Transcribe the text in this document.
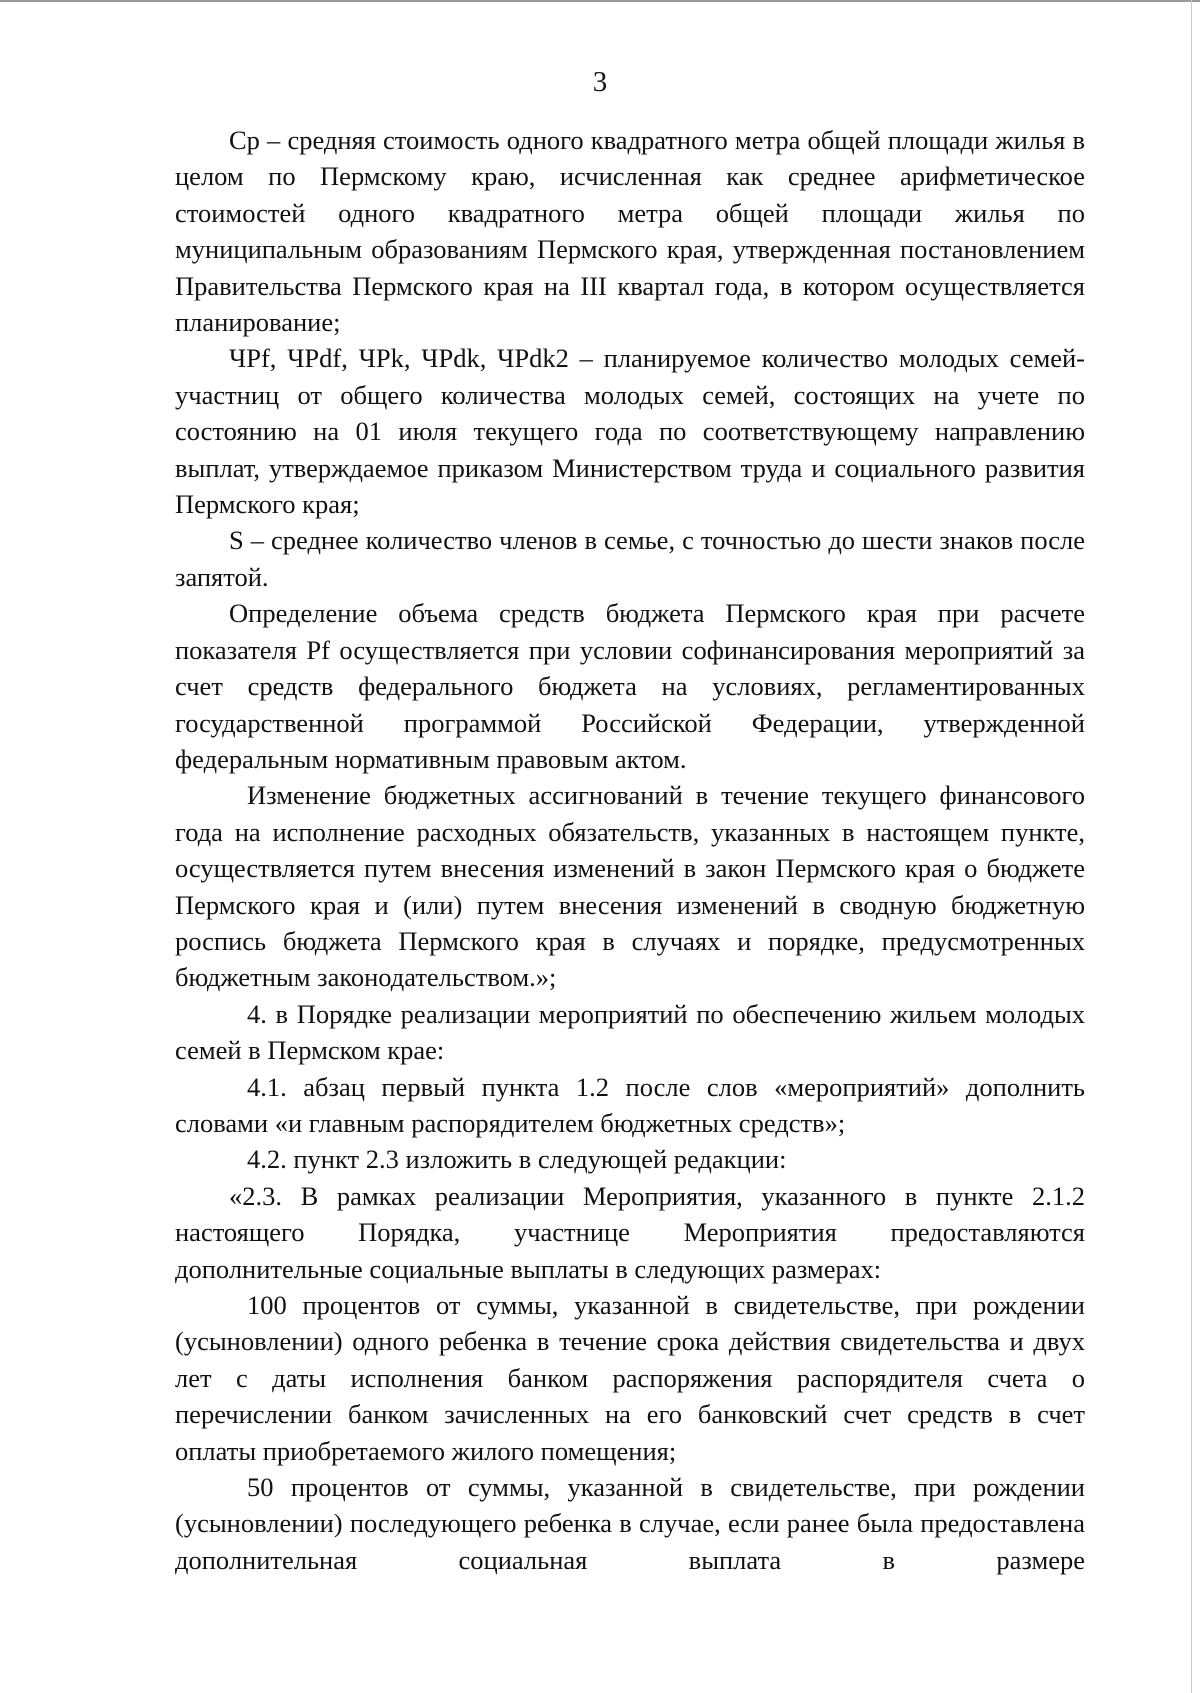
3

Ср – средняя стоимость одного квадратного метра общей площади жилья в целом по Пермскому краю, исчисленная как среднее арифметическое стоимостей одного квадратного метра общей площади жилья по муниципальным образованиям Пермского края, утвержденная постановлением Правительства Пермского края на III квартал года, в котором осуществляется планирование;

ЧPf, ЧPdf, ЧPk, ЧPdk, ЧPdk2 – планируемое количество молодых семей-участниц от общего количества молодых семей, состоящих на учете по состоянию на 01 июля текущего года по соответствующему направлению выплат, утверждаемое приказом Министерством труда и социального развития Пермского края;

S – среднее количество членов в семье, с точностью до шести знаков после запятой.

Определение объема средств бюджета Пермского края при расчете показателя Pf осуществляется при условии софинансирования мероприятий за счет средств федерального бюджета на условиях, регламентированных государственной программой Российской Федерации, утвержденной федеральным нормативным правовым актом.

Изменение бюджетных ассигнований в течение текущего финансового года на исполнение расходных обязательств, указанных в настоящем пункте, осуществляется путем внесения изменений в закон Пермского края о бюджете Пермского края и (или) путем внесения изменений в сводную бюджетную роспись бюджета Пермского края в случаях и порядке, предусмотренных бюджетным законодательством.»;

4. в Порядке реализации мероприятий по обеспечению жильем молодых семей в Пермском крае:

4.1. абзац первый пункта 1.2 после слов «мероприятий» дополнить словами «и главным распорядителем бюджетных средств»;

4.2. пункт 2.3 изложить в следующей редакции:

«2.3. В рамках реализации Мероприятия, указанного в пункте 2.1.2 настоящего Порядка, участнице Мероприятия предоставляются дополнительные социальные выплаты в следующих размерах:

100 процентов от суммы, указанной в свидетельстве, при рождении (усыновлении) одного ребенка в течение срока действия свидетельства и двух лет с даты исполнения банком распоряжения распорядителя счета о перечислении банком зачисленных на его банковский счет средств в счет оплаты приобретаемого жилого помещения;

50 процентов от суммы, указанной в свидетельстве, при рождении (усыновлении) последующего ребенка в случае, если ранее была предоставлена дополнительная социальная выплата в размере
